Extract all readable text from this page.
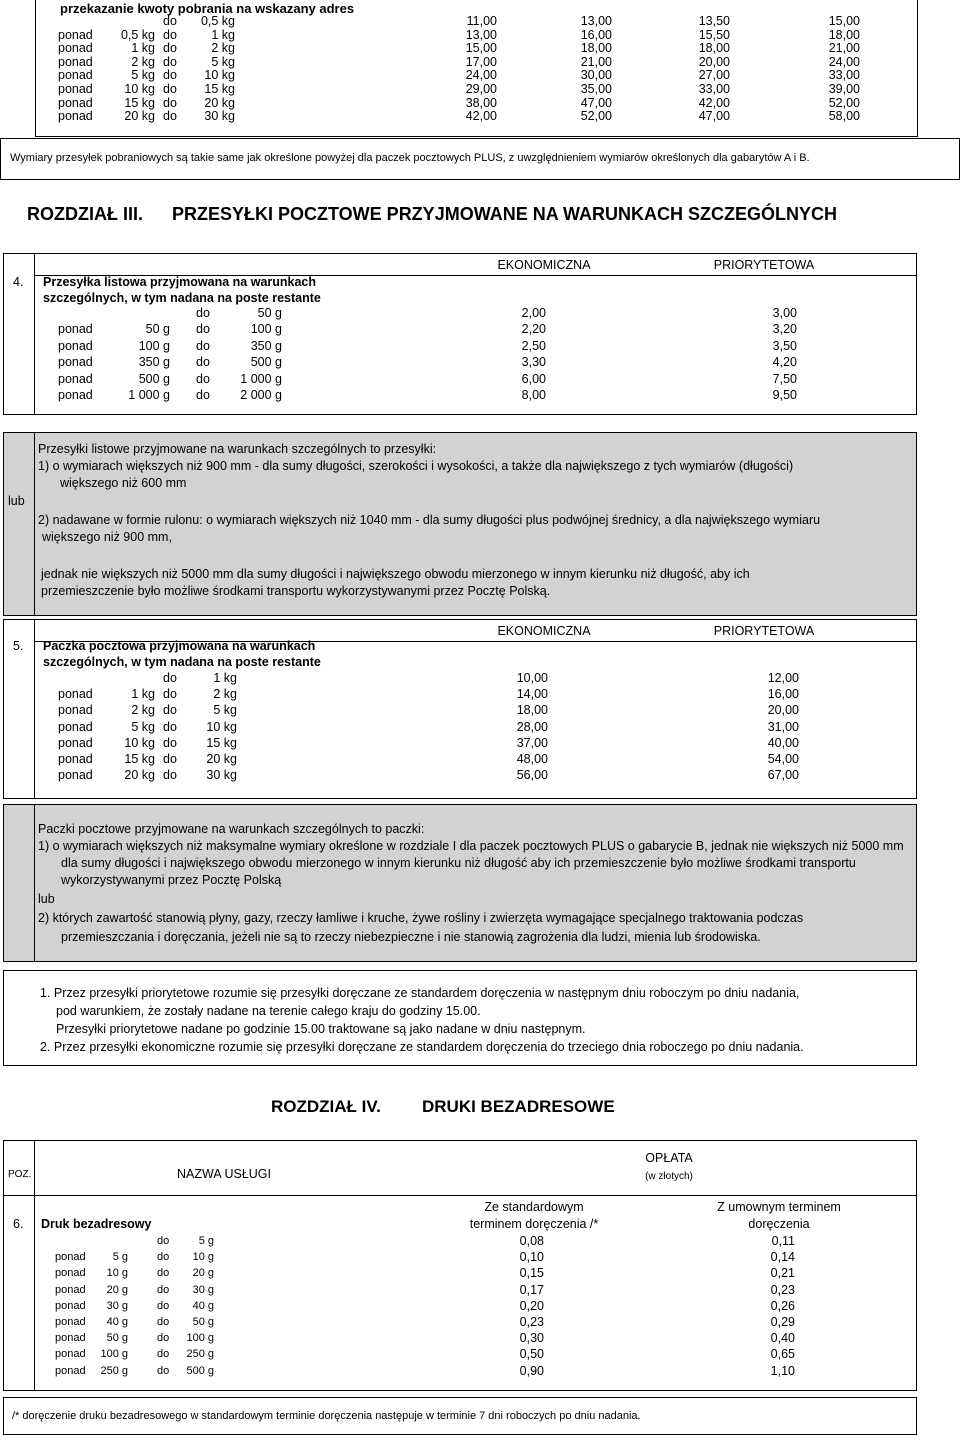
przekazanie kwoty pobrania na wskazany adres
do	0,5 kg	11,00	13,00	13,50	15,00
ponad	0,5 kg do	1 kg	13,00	16,00	15,50	18,00
ponad	1 kg do	2 kg	15,00	18,00	18,00	21,00
ponad	2 kg do	5 kg	17,00	21,00	20,00	24,00
ponad	5 kg do	10 kg	24,00	30,00	27,00	33,00
ponad	10 kg do	15 kg	29,00	35,00	33,00	39,00
ponad	15 kg do	20 kg	38,00	47,00	42,00	52,00
ponad	20 kg do	30 kg	42,00	52,00	47,00	58,00
Wymiary przesyłek pobraniowych są takie same jak określone powyżej dla paczek pocztowych PLUS, z uwzględnieniem wymiarów określonych dla gabarytów A i B.
ROZDZIAŁ III. PRZESYŁKI POCZTOWE PRZYJMOWANE NA WARUNKACH SZCZEGÓLNYCH
4. Przesyłka listowa przyjmowana na warunkach
szczególnych, w tym nadana na poste restante
EKONOMICZNA	PRIORYTETOWA
do	50 g	2,00	3,00
ponad	50 g do	100 g	2,20	3,20
ponad	100 g do	350 g	2,50	3,50
ponad	350 g do	500 g	3,30	4,20
ponad	500 g do	1 000 g	6,00	7,50
ponad	1 000 g do	2 000 g	8,00	9,50
lub
Przesyłki listowe przyjmowane na warunkach szczególnych to przesyłki:
1) o wymiarach większych niż 900 mm - dla sumy długości, szerokości i wysokości, a także dla największego z tych wymiarów (długości)
większego niż 600 mm
2) nadawane w formie rulonu: o wymiarach większych niż 1040 mm - dla sumy długości plus podwójnej średnicy, a dla największego wymiaru
większego niż 900 mm,
jednak nie większych niż 5000 mm dla sumy długości i największego obwodu mierzonego w innym kierunku niż długość, aby ich
przemieszczenie było możliwe środkami transportu wykorzystywanymi przez Pocztę Polską.
5. Paczka pocztowa przyjmowana na warunkach
szczególnych, w tym nadana na poste restante
EKONOMICZNA	PRIORYTETOWA
do	1 kg	10,00	12,00
ponad	1 kg do	2 kg	14,00	16,00
ponad	2 kg do	5 kg	18,00	20,00
ponad	5 kg do	10 kg	28,00	31,00
ponad	10 kg do	15 kg	37,00	40,00
ponad	15 kg do	20 kg	48,00	54,00
ponad	20 kg do	30 kg	56,00	67,00
Paczki pocztowe przyjmowane na warunkach szczególnych to paczki:
1) o wymiarach większych niż maksymalne wymiary określone w rozdziale I dla paczek pocztowych PLUS o gabarycie B, jednak nie większych niż 5000 mm
dla sumy długości i największego obwodu mierzonego w innym kierunku niż długość aby ich przemieszczenie było możliwe środkami transportu
wykorzystywanymi przez Pocztę Polską
lub
2) których zawartość stanowią płyny, gazy, rzeczy łamliwe i kruche, żywe rośliny i zwierzęta wymagające specjalnego traktowania podczas
przemieszczania i doręczania, jeżeli nie są to rzeczy niebezpieczne i nie stanowią zagrożenia dla ludzi, mienia lub środowiska.
1. Przez przesyłki priorytetowe rozumie się przesyłki doręczane ze standardem doręczenia w następnym dniu roboczym po dniu nadania,
pod warunkiem, że zostały nadane na terenie całego kraju do godziny 15.00.
Przesyłki priorytetowe nadane po godzinie 15.00 traktowane są jako nadane w dniu następnym.
2. Przez przesyłki ekonomiczne rozumie się przesyłki doręczane ze standardem doręczenia do trzeciego dnia roboczego po dniu nadania.
ROZDZIAŁ IV. DRUKI BEZADRESOWE
POZ.	NAZWA USŁUGI
OPŁATA
(w złotych)
Ze standardowym
terminem doręczenia /*
Z umownym terminem
doręczenia
6. Druk bezadresowy
do	5 g	0,08	0,11
ponad	5 g	do	10 g	0,10	0,14
ponad	10 g	do	20 g	0,15	0,21
ponad	20 g	do	30 g	0,17	0,23
ponad	30 g	do	40 g	0,20	0,26
ponad	40 g	do	50 g	0,23	0,29
ponad	50 g	do	100 g	0,30	0,40
ponad 100 g	do	250 g	0,50	0,65
ponad 250 g	do	500 g	0,90	1,10
/* doręczenie druku bezadresowego w standardowym terminie doręczenia następuje w terminie 7 dni roboczych po dniu nadania.
